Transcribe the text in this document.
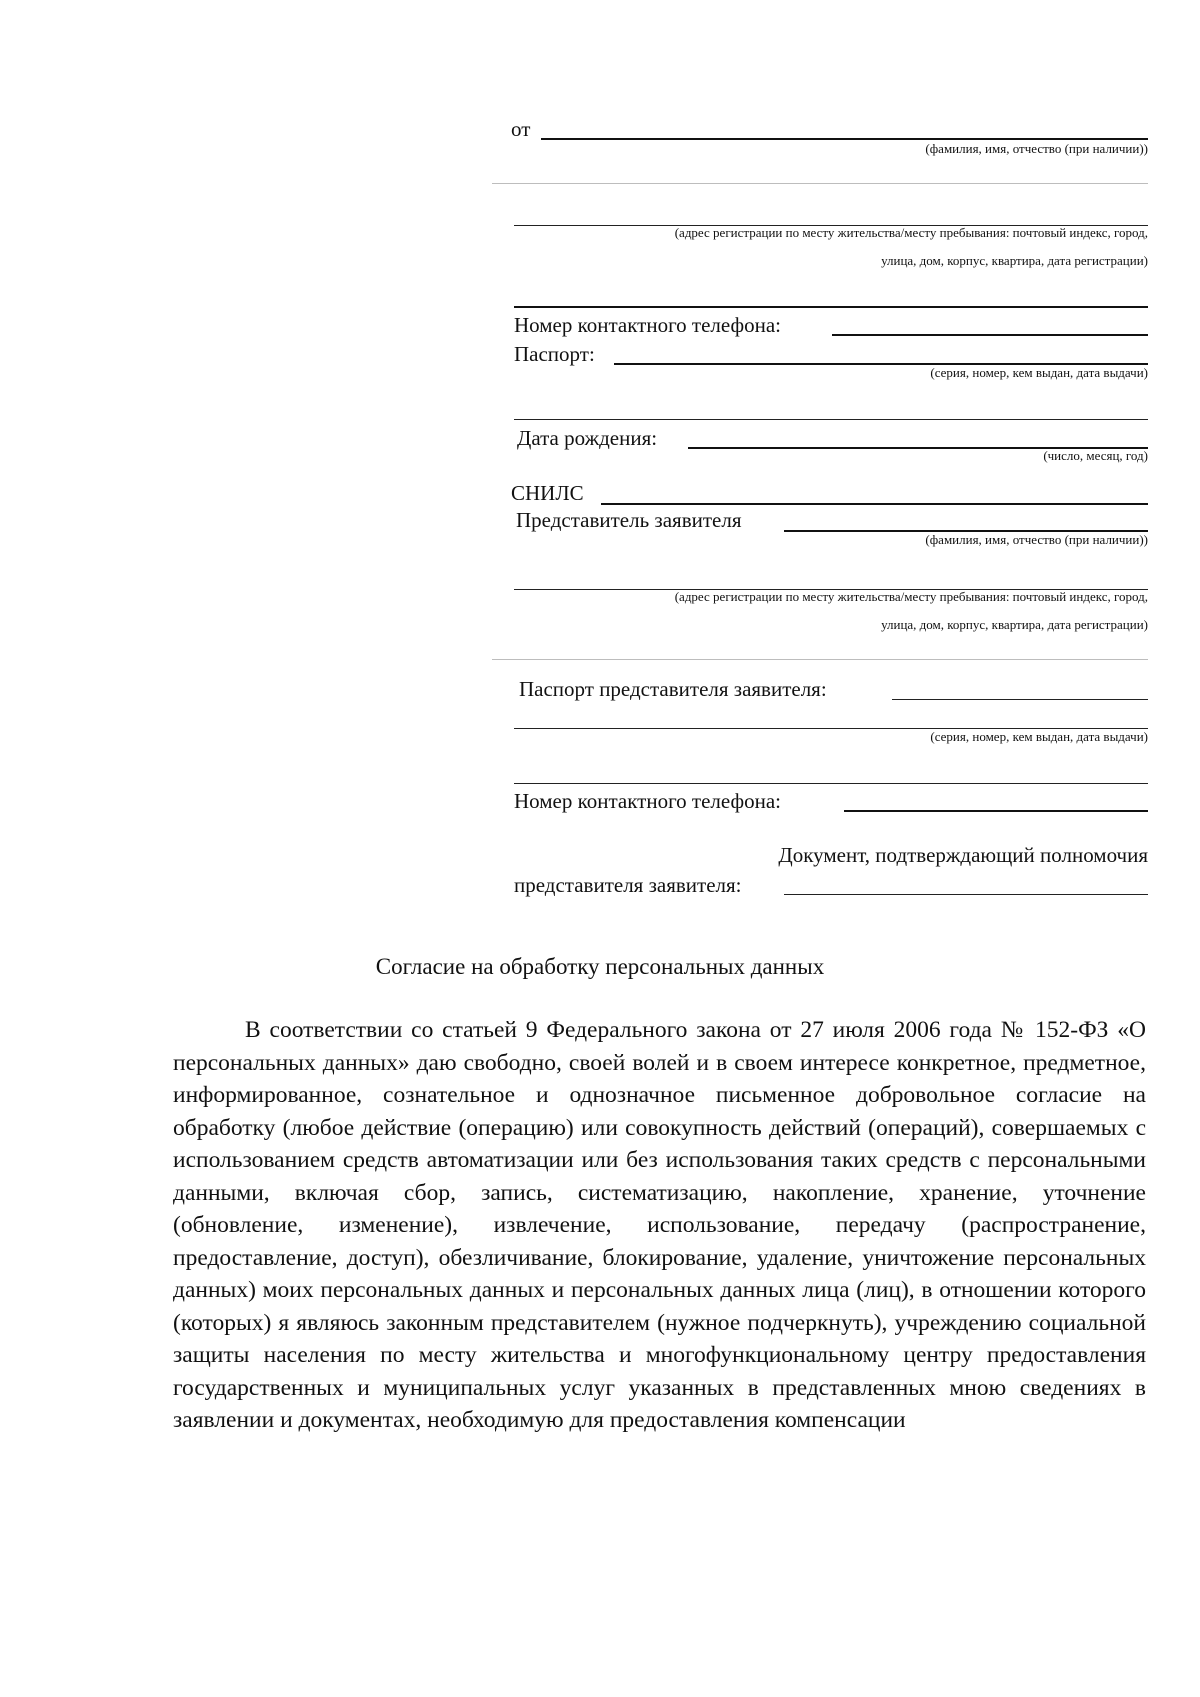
от
(фамилия, имя, отчество (при наличии))
(адрес регистрации по месту жительства/месту пребывания: почтовый индекс, город,
улица, дом, корпус, квартира, дата регистрации)
Номер контактного телефона:
Паспорт:
(серия, номер, кем выдан, дата выдачи)
Дата рождения:
(число, месяц, год)
СНИЛС
Представитель заявителя
(фамилия, имя, отчество (при наличии))
(адрес регистрации по месту жительства/месту пребывания: почтовый индекс, город,
улица, дом, корпус, квартира, дата регистрации)
Паспорт представителя заявителя:
(серия, номер, кем выдан, дата выдачи)
Номер контактного телефона:
Документ, подтверждающий полномочия
представителя заявителя:
Согласие на обработку персональных данных

В соответствии со статьей 9 Федерального закона от 27 июля 2006 года № 152-ФЗ «О персональных данных» даю свободно, своей волей и в своем интересе конкретное, предметное, информированное, сознательное и однозначное письменное добровольное согласие на обработку (любое действие (операцию) или совокупность действий (операций), совершаемых с использованием средств автоматизации или без использования таких средств с персональными данными, включая сбор, запись, систематизацию, накопление, хранение, уточнение (обновление, изменение), извлечение, использование, передачу (распространение, предоставление, доступ), обезличивание, блокирование, удаление, уничтожение персональных данных) моих персональных данных и персональных данных лица (лиц), в отношении которого (которых) я являюсь законным представителем (нужное подчеркнуть), учреждению социальной защиты населения по месту жительства и многофункциональному центру предоставления государственных и муниципальных услуг указанных в представленных мною сведениях в заявлении и документах, необходимую для предоставления компенсации
